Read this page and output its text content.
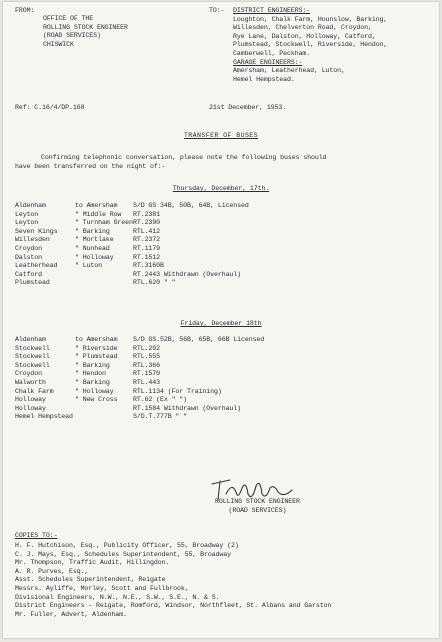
FROM:
OFFICE OF THE
ROLLING STOCK ENGINEER
(ROAD SERVICES)
CHISWICK
TO:- DISTRICT ENGINEERS:-
Loughton, Chalk Farm, Hounslow, Barking,
Willesden, Chelverton Road, Croydon,
Rye Lane, Dalston, Holloway, Catford,
Plumstead, Stockwell, Riverside, Hendon,
Camberwell, Peckham.
GARAGE ENGINEERS:-
Amersham, Leatherhead, Luton,
Hemel Hempstead.
Ref: C.16/4/DP.168	21st December, 1953.
TRANSFER OF BUSES
Confirming telephonic conversation, please note the following buses should
have been transferred on the night of:-
Thursday, December, 17th.
Aldenham	to Amersham S/D GS 34B, 50B, 64B, Licensed
Leyton	" Middle Row RT.2381
Leyton	" Turnham Green RT.2390
Seven Kings	" Barking	RTL.412
Willesden	" Mortlake	RT.2372
Croydon	" Nunhead	RT.1179
Dalston	" Holloway	RT.1512
Leatherhead	" Luton	RT.3160B
Catford	RT.2443 Withdrawn (Overhaul)
Plumstead	RTL.620 " "
Friday, December 18th
Aldenham	to Amersham S/D GS.52B, 56B, 65B, 66B Licensed
Stockwell	" Riverside RTL.292
Stockwell	" Plumstead RTL.555
Stockwell	" Barking	RTL.366
Croydon	" Hendon	RT.1570
Walworth	" Barking	RTL.443
Chalk Farm	" Holloway	RTL.1134 (For Training)
Holloway	" New Cross RT.62 (Ex " ")
Holloway	RT.1584 Withdrawn (Overhaul)
Hemel Hempstead	S/D.T.777B " "
ROLLING STOCK ENGINEER
(ROAD SERVICES)
COPIES TO:-
H. F. Hutchison, Esq., Publicity Officer, 55, Broadway (2)
C. J. Mays, Esq., Schedules Superintendent, 55, Broadway
Mr. Thompson, Traffic Audit, Hillingdon.
A. R. Purves, Esq.,
Asst. Schedules Superintendent, Reigate
Messrs. Ayliffe, Morley, Scott and Fullbrook,
Divisional Engineers, N.W., N.E., S.W., S.E., N. & S.
District Engineers - Reigate, Romford, Windsor, Northfleet, St. Albans and Garston
Mr. Fuller, Advert, Aldenham.
